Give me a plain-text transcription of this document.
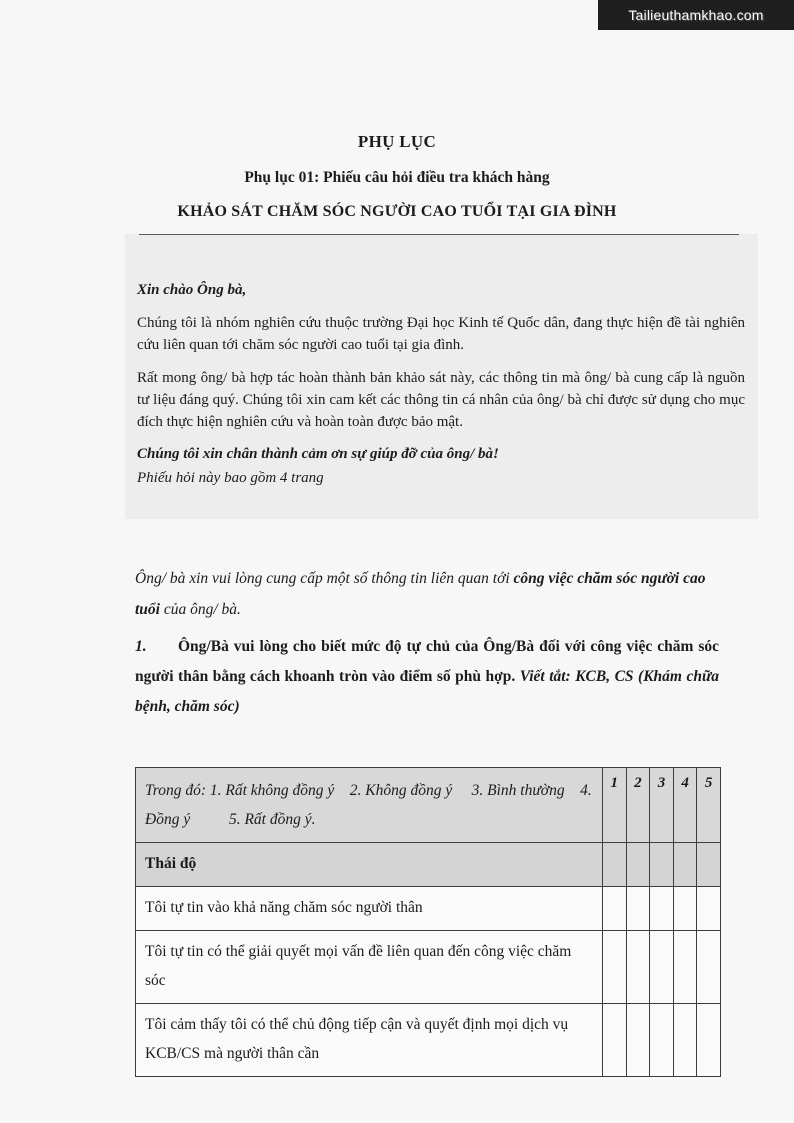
Tailieuthamkhao.com
PHỤ LỤC
Phụ lục 01: Phiếu câu hỏi điều tra khách hàng
KHẢO SÁT CHĂM SÓC NGƯỜI CAO TUỔI TẠI GIA ĐÌNH

Xin chào Ông bà,

Chúng tôi là nhóm nghiên cứu thuộc trường Đại học Kinh tế Quốc dân, đang thực hiện đề tài nghiên cứu liên quan tới chăm sóc người cao tuổi tại gia đình.

Rất mong ông/ bà hợp tác hoàn thành bản khảo sát này, các thông tin mà ông/ bà cung cấp là nguồn tư liệu đáng quý. Chúng tôi xin cam kết các thông tin cá nhân của ông/ bà chỉ được sử dụng cho mục đích thực hiện nghiên cứu và hoàn toàn được bảo mật.

Chúng tôi xin chân thành cảm ơn sự giúp đỡ của ông/ bà!

Phiếu hỏi này bao gồm 4 trang

Ông/ bà xin vui lòng cung cấp một số thông tin liên quan tới công việc chăm sóc người cao tuổi của ông/ bà.

1. Ông/Bà vui lòng cho biết mức độ tự chủ của Ông/Bà đối với công việc chăm sóc người thân bằng cách khoanh tròn vào điểm số phù hợp. Viết tắt: KCB, CS (Khám chữa bệnh, chăm sóc)

Trong đó: 1. Rất không đồng ý    2. Không đồng ý     3. Bình thường    4. Đồng ý          5. Rất đồng ý.	1	2	3	4	5
Thái độ					
Tôi tự tin vào khả năng chăm sóc người thân					
Tôi tự tin có thể giải quyết mọi vấn đề liên quan đến công việc chăm sóc					
Tôi cảm thấy tôi có thể chủ động tiếp cận và quyết định mọi dịch vụ KCB/CS mà người thân cần					
